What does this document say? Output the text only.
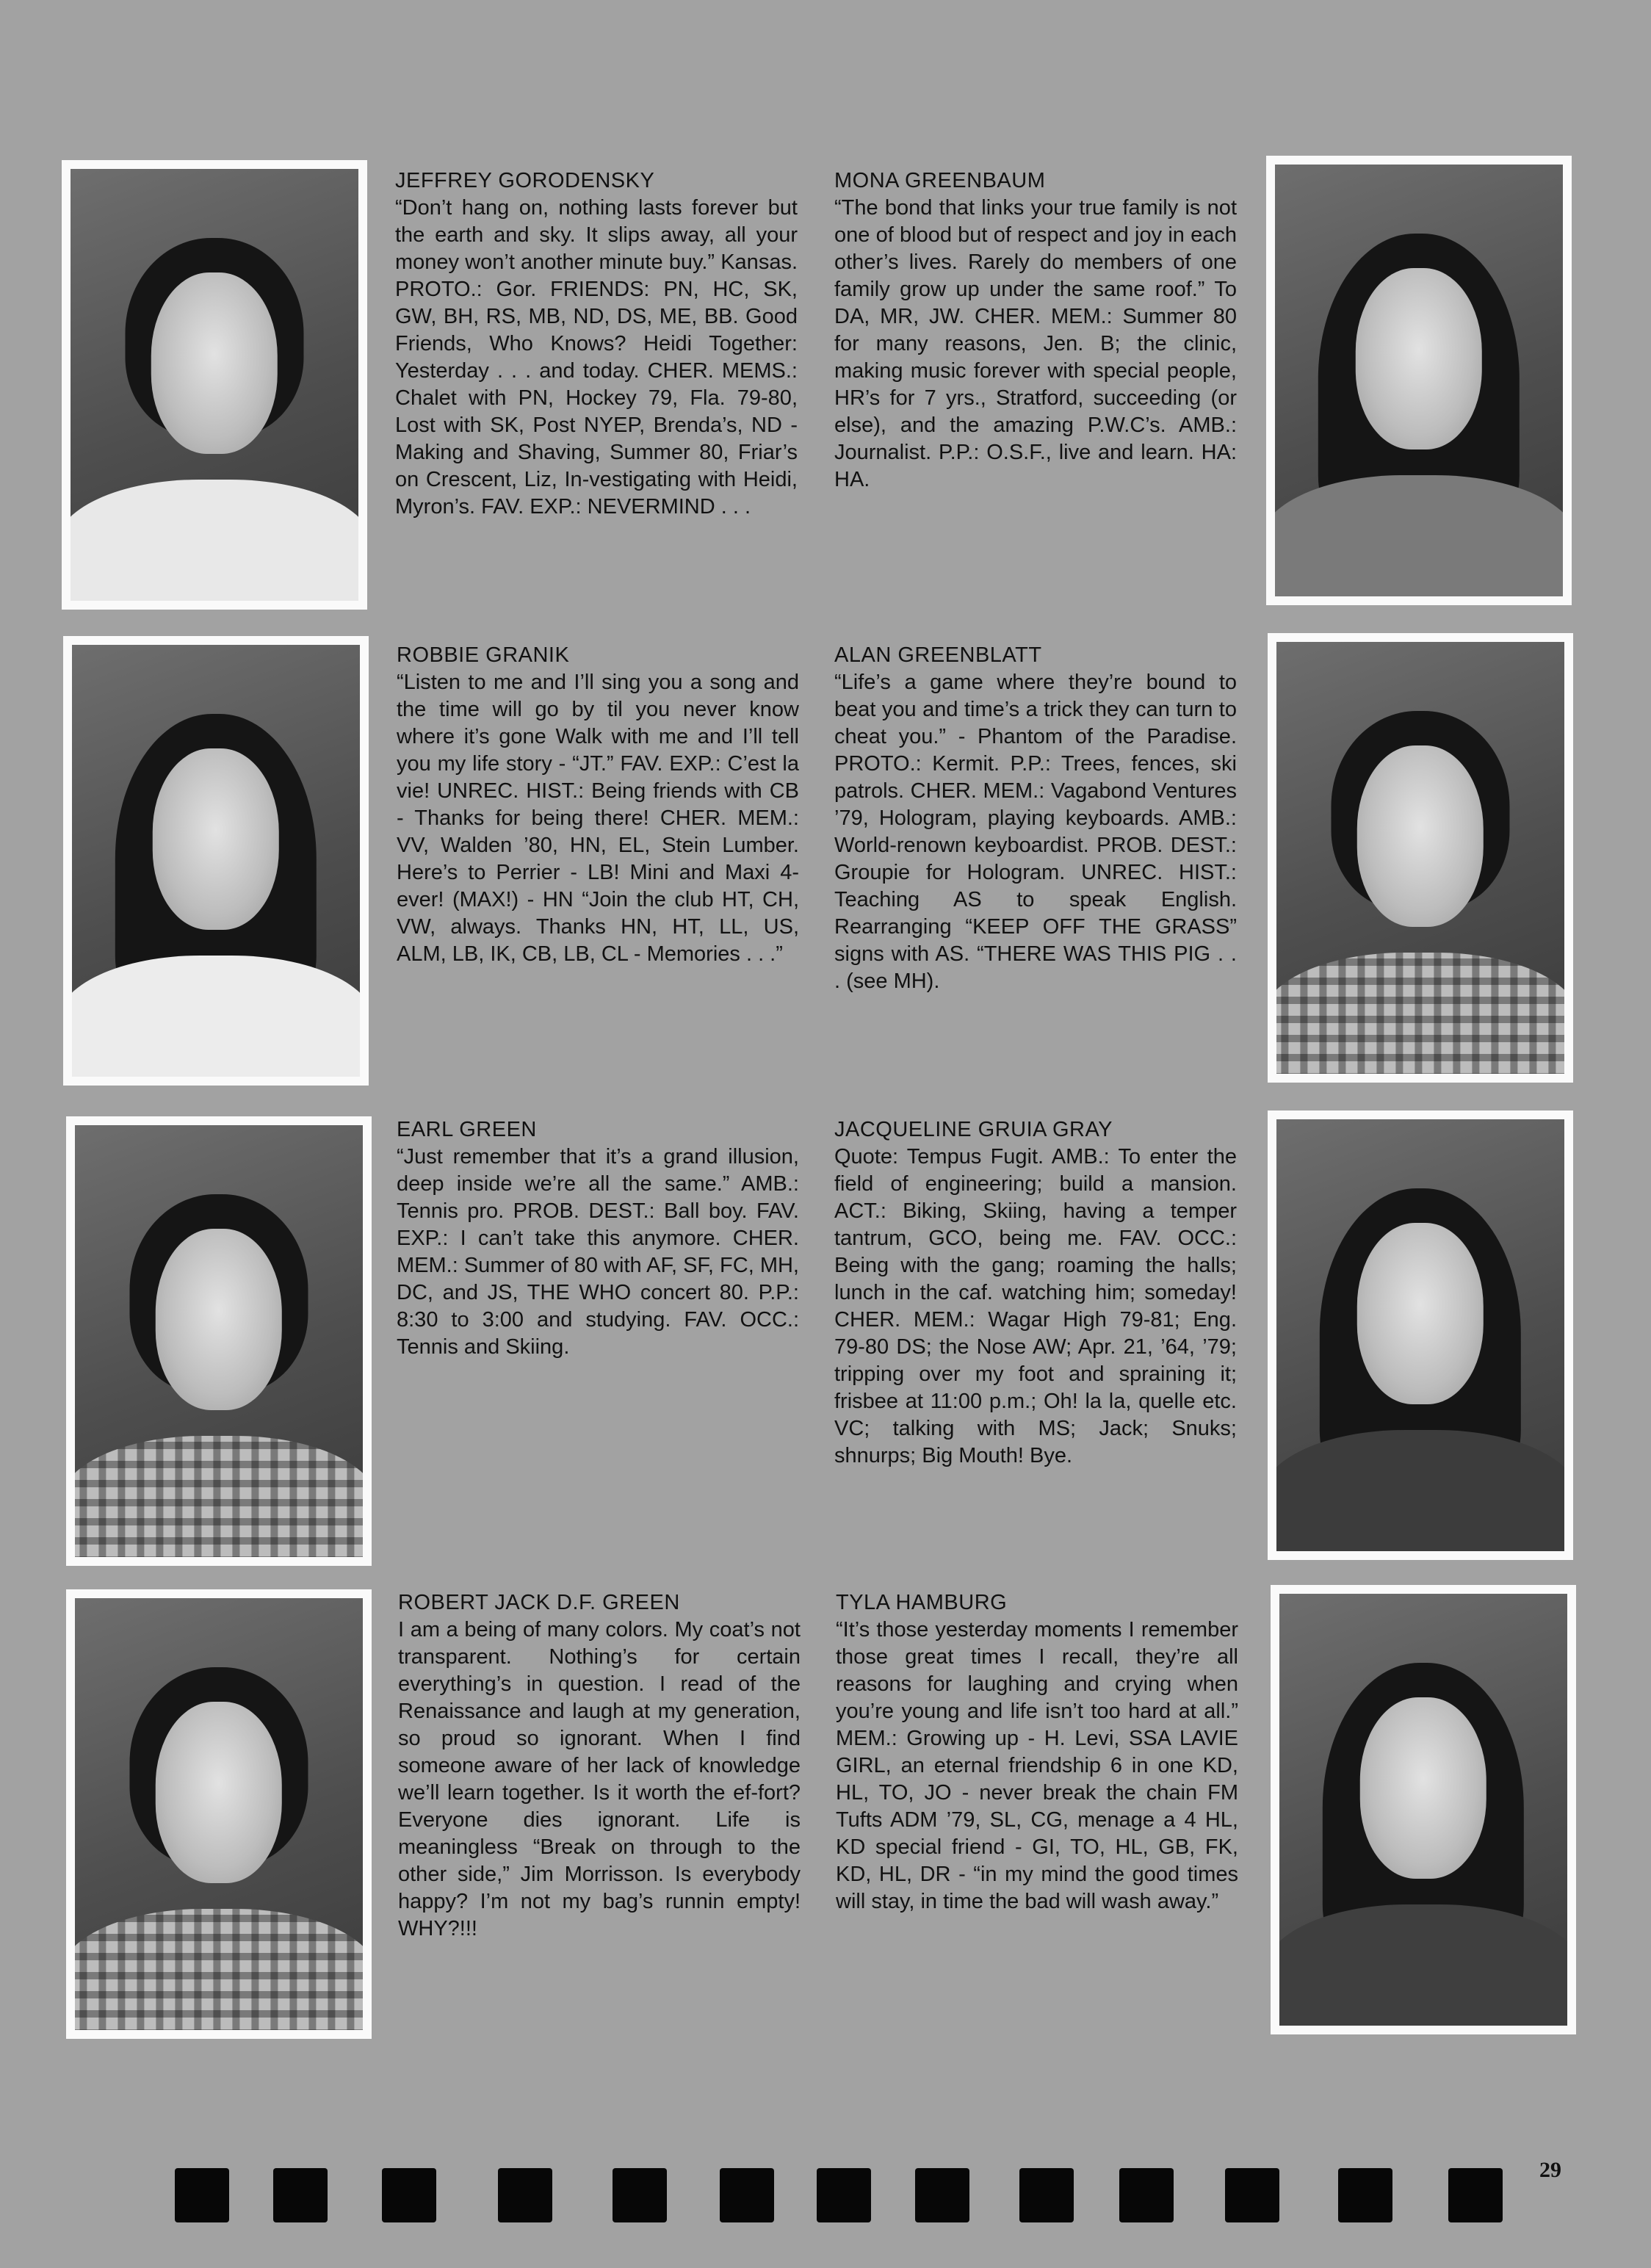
JEFFREY GORODENSKY
“Don’t hang on, nothing lasts forever but the earth and sky. It slips away, all your money won’t another minute buy.” Kansas. PROTO.: Gor. FRIENDS: PN, HC, SK, GW, BH, RS, MB, ND, DS, ME, BB. Good Friends, Who Knows? Heidi Together: Yesterday . . . and today. CHER. MEMS.: Chalet with PN, Hockey 79, Fla. 79-80, Lost with SK, Post NYEP, Brenda’s, ND - Making and Shaving, Summer 80, Friar’s on Crescent, Liz, In-vestigating with Heidi, Myron’s. FAV. EXP.: NEVERMIND . . .
MONA GREENBAUM
“The bond that links your true family is not one of blood but of respect and joy in each other’s lives. Rarely do members of one family grow up under the same roof.” To DA, MR, JW. CHER. MEM.: Summer 80 for many reasons, Jen. B; the clinic, making music forever with special people, HR’s for 7 yrs., Stratford, succeeding (or else), and the amazing P.W.C’s. AMB.: Journalist. P.P.: O.S.F., live and learn. HA: HA.
ROBBIE GRANIK
“Listen to me and I’ll sing you a song and the time will go by til you never know where it’s gone Walk with me and I’ll tell you my life story - “JT.” FAV. EXP.: C’est la vie! UNREC. HIST.: Being friends with CB - Thanks for being there! CHER. MEM.: VV, Walden ’80, HN, EL, Stein Lumber. Here’s to Perrier - LB! Mini and Maxi 4-ever! (MAX!) - HN “Join the club HT, CH, VW, always. Thanks HN, HT, LL, US, ALM, LB, IK, CB, LB, CL - Memories . . .”
ALAN GREENBLATT
“Life’s a game where they’re bound to beat you and time’s a trick they can turn to cheat you.” - Phantom of the Paradise. PROTO.: Kermit. P.P.: Trees, fences, ski patrols. CHER. MEM.: Vagabond Ventures ’79, Hologram, playing keyboards. AMB.: World-renown keyboardist. PROB. DEST.: Groupie for Hologram. UNREC. HIST.: Teaching AS to speak English. Rearranging “KEEP OFF THE GRASS” signs with AS. “THERE WAS THIS PIG . . . (see MH).
EARL GREEN
“Just remember that it’s a grand illusion, deep inside we’re all the same.” AMB.: Tennis pro. PROB. DEST.: Ball boy. FAV. EXP.: I can’t take this anymore. CHER. MEM.: Summer of 80 with AF, SF, FC, MH, DC, and JS, THE WHO concert 80. P.P.: 8:30 to 3:00 and studying. FAV. OCC.: Tennis and Skiing.
JACQUELINE GRUIA GRAY
Quote: Tempus Fugit. AMB.: To enter the field of engineering; build a mansion. ACT.: Biking, Skiing, having a temper tantrum, GCO, being me. FAV. OCC.: Being with the gang; roaming the halls; lunch in the caf. watching him; someday! CHER. MEM.: Wagar High 79-81; Eng. 79-80 DS; the Nose AW; Apr. 21, ’64, ’79; tripping over my foot and spraining it; frisbee at 11:00 p.m.; Oh! la la, quelle etc. VC; talking with MS; Jack; Snuks; shnurps; Big Mouth! Bye.
ROBERT JACK D.F. GREEN
I am a being of many colors. My coat’s not transparent. Nothing’s for certain everything’s in question. I read of the Renaissance and laugh at my generation, so proud so ignorant. When I find someone aware of her lack of knowledge we’ll learn together. Is it worth the ef-fort? Everyone dies ignorant. Life is meaningless “Break on through to the other side,” Jim Morrisson. Is everybody happy? I’m not my bag’s runnin empty! WHY?!!!
TYLA HAMBURG
“It’s those yesterday moments I remember those great times I recall, they’re all reasons for laughing and crying when you’re young and life isn’t too hard at all.” MEM.: Growing up - H. Levi, SSA LAVIE GIRL, an eternal friendship 6 in one KD, HL, TO, JO - never break the chain FM Tufts ADM ’79, SL, CG, menage a 4 HL, KD special friend - GI, TO, HL, GB, FK, KD, HL, DR - “in my mind the good times will stay, in time the bad will wash away.”
29
